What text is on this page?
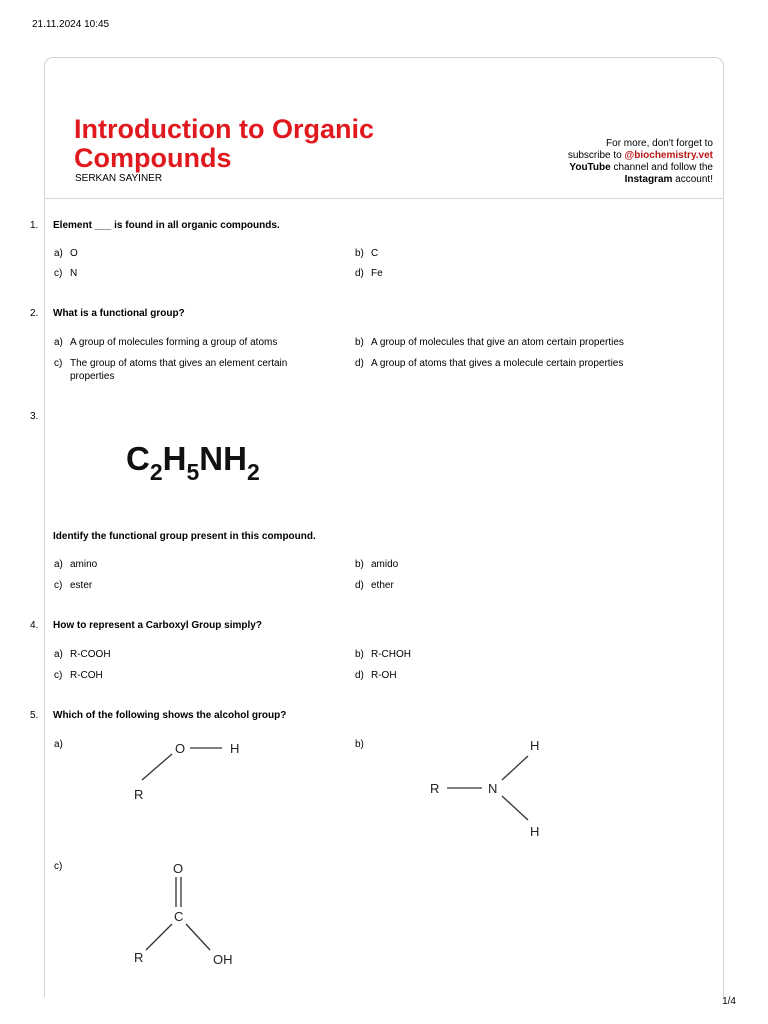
21.11.2024 10:45
Introduction to Organic Compounds
SERKAN SAYINER
For more, don't forget to
subscribe to @biochemistry.vet
YouTube channel and follow the
Instagram account!
1. Element ___ is found in all organic compounds.
a) O	b) C
c) N	d) Fe
2. What is a functional group?
a) A group of molecules forming a group of atoms	b) A group of molecules that give an atom certain properties
c) The group of atoms that gives an element certain properties
d) A group of atoms that gives a molecule certain properties
3.
$C_2H_5NH_2$
Identify the functional group present in this compound.
a) amino	b) amido
c) ester	d) ether
4. How to represent a Carboxyl Group simply?
a) R-COOH	b) R-CHOH
c) R-COH	d) R-OH
5. Which of the following shows the alcohol group?
a)	O	H
R
b)	H
R	N
H
c)	O
C
R	OH
1/4
